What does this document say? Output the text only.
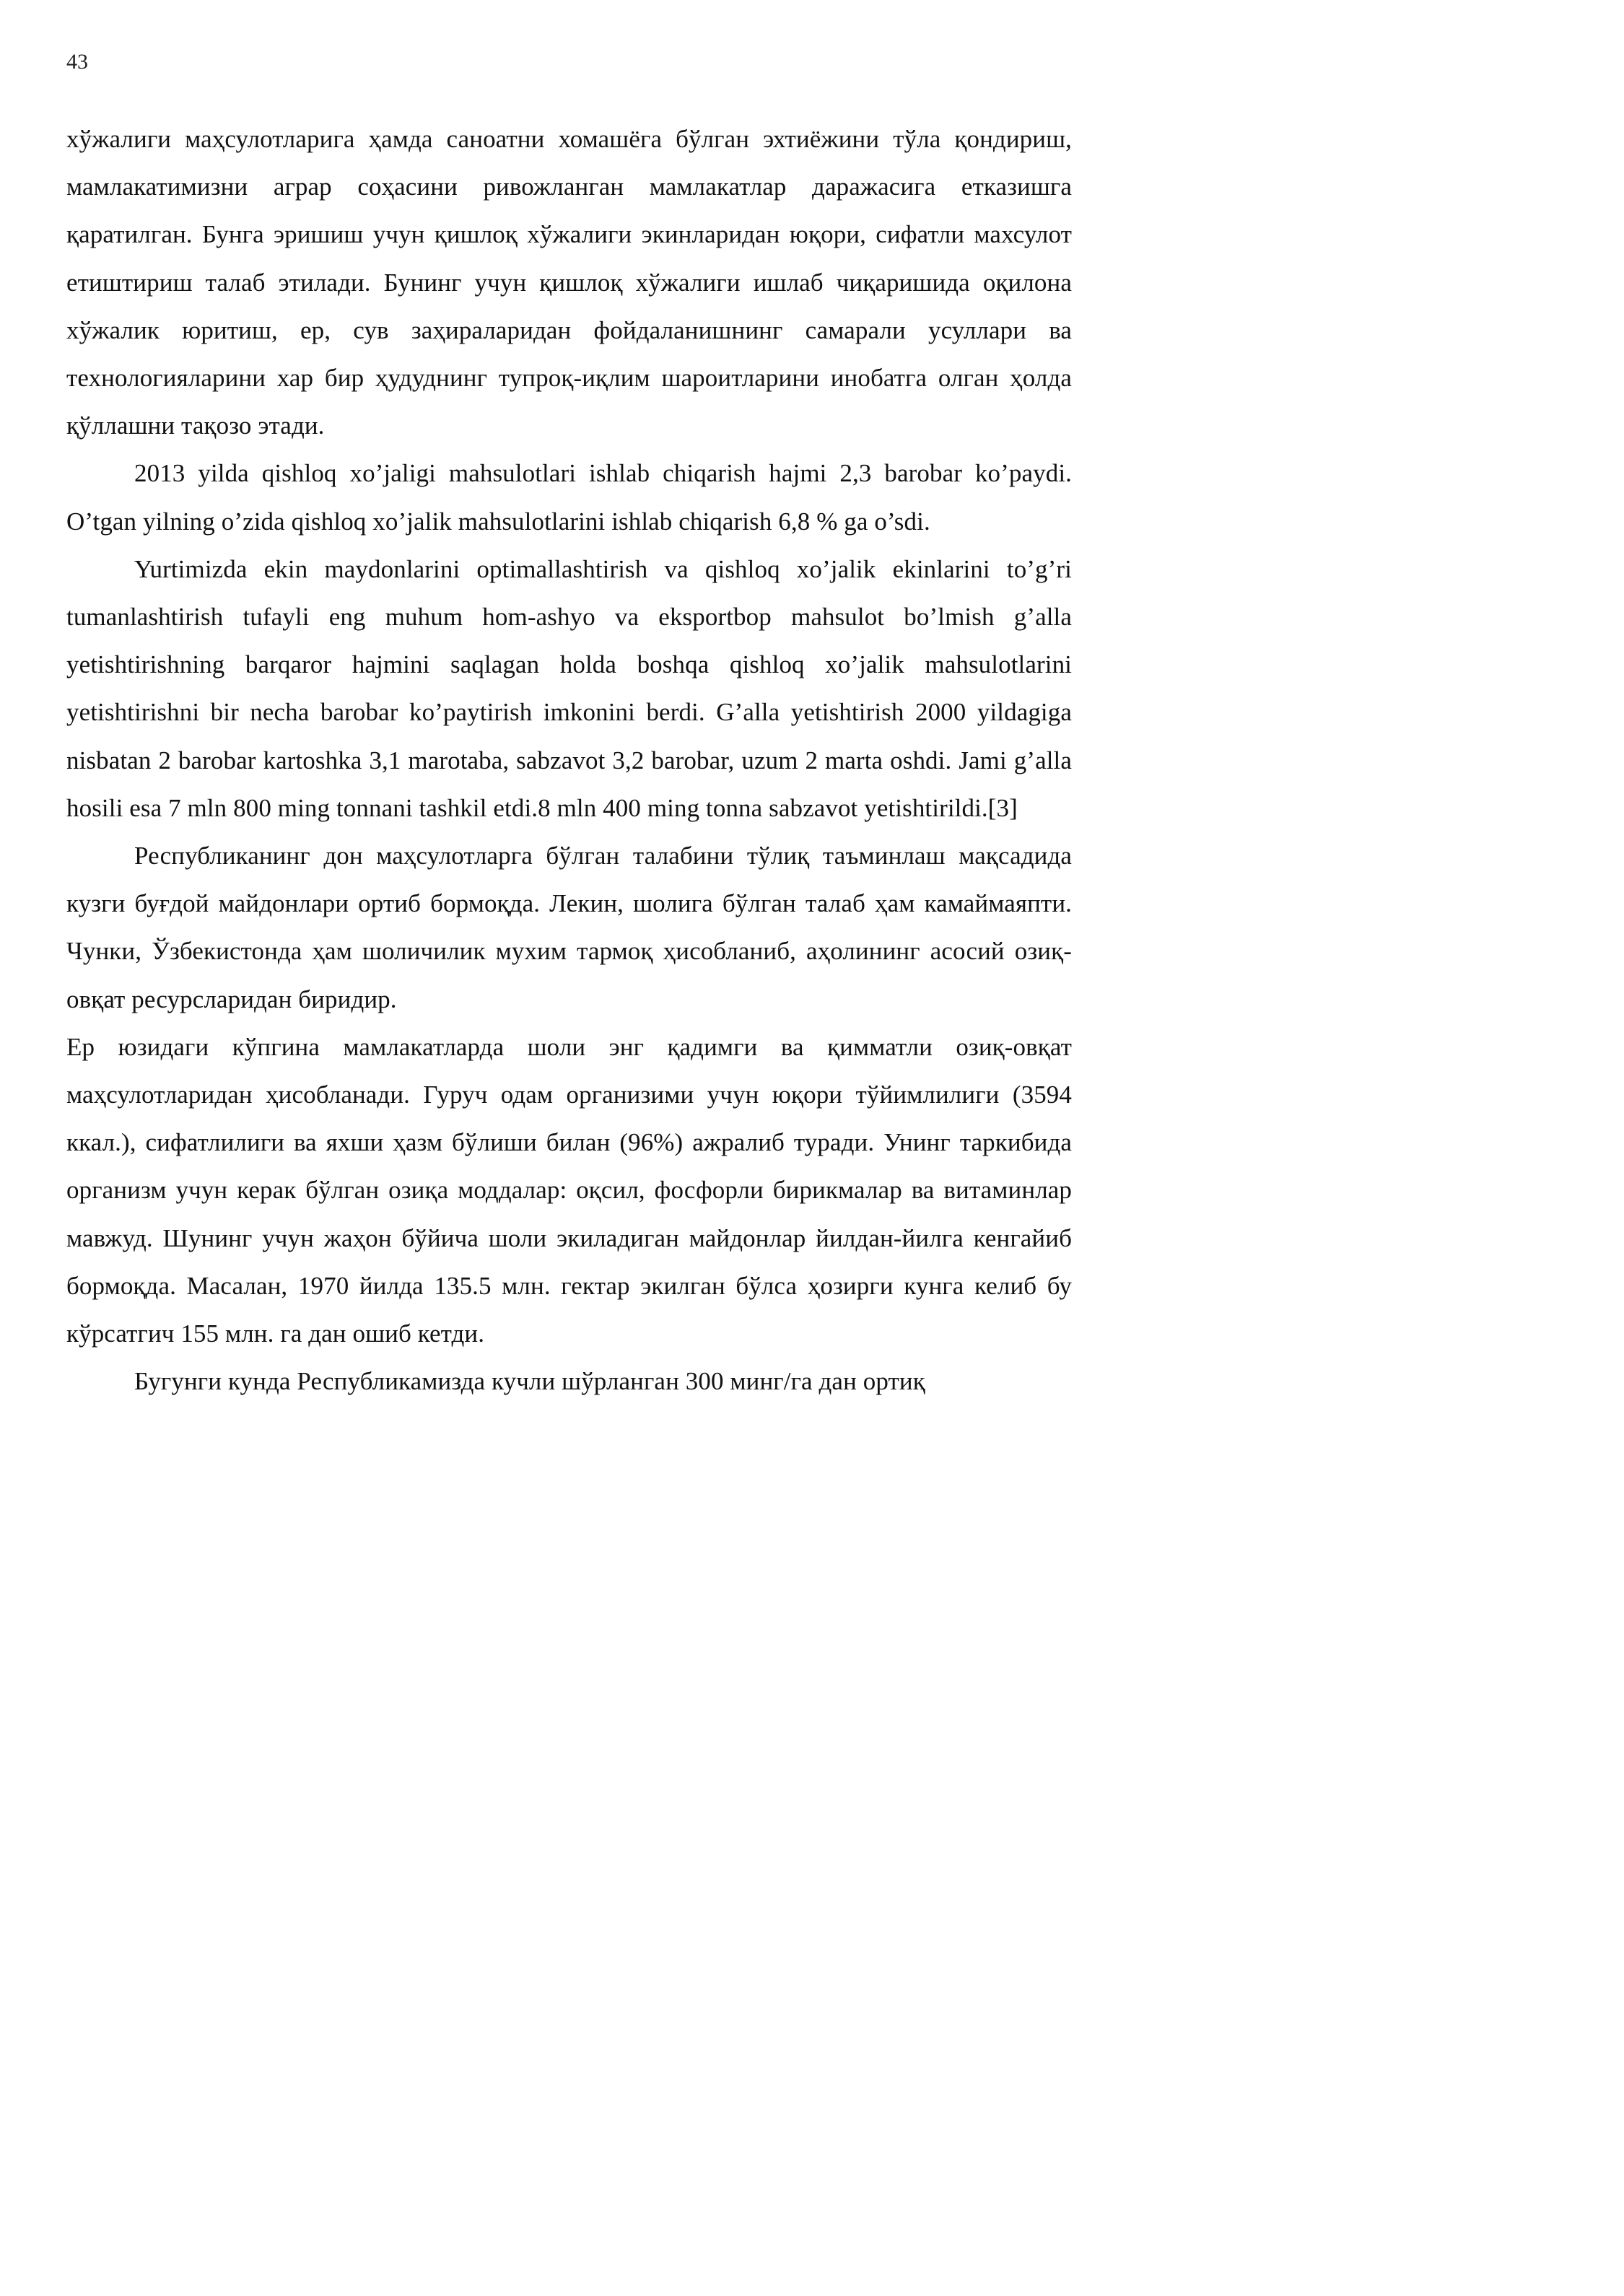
43

хўжалиги маҳсулотларига ҳамда саноатни хомашёга бўлган эхтиёжини тўла қондириш, мамлакатимизни аграр соҳасини ривожланган мамлакатлар даражасига етказишга қаратилган. Бунга эришиш учун қишлоқ хўжалиги экинларидан юқори, сифатли махсулот етиштириш талаб этилади. Бунинг учун қишлоқ хўжалиги ишлаб чиқаришида оқилона хўжалик юритиш, ер, сув заҳираларидан фойдаланишнинг самарали усуллари ва технологияларини хар бир ҳудуднинг тупроқ-иқлим шароитларини инобатга олган ҳолда қўллашни тақозо этади.

2013 yilda qishloq xo’jaligi mahsulotlari ishlab chiqarish hajmi 2,3 barobar ko’paydi. O’tgan yilning o’zida qishloq xo’jalik mahsulotlarini ishlab chiqarish 6,8 % ga o’sdi.

Yurtimizda ekin maydonlarini optimallashtirish va qishloq xo’jalik ekinlarini to’g’ri tumanlashtirish tufayli eng muhum hom-ashyo va eksportbop mahsulot bo’lmish g’alla yetishtirishning barqaror hajmini saqlagan holda boshqa qishloq xo’jalik mahsulotlarini yetishtirishni bir necha barobar ko’paytirish imkonini berdi. G’alla yetishtirish 2000 yildagiga nisbatan 2 barobar kartoshka 3,1 marotaba, sabzavot 3,2 barobar, uzum 2 marta oshdi. Jami g’alla hosili esa 7 mln 800 ming tonnani tashkil etdi.8 mln 400 ming tonna sabzavot yetishtirildi.[3]

Республиканинг дон маҳсулотларга бўлган талабини тўлиқ таъминлаш мақсадида кузги буғдой майдонлари ортиб бормоқда. Лекин, шолига бўлган талаб ҳам камаймаяпти. Чунки, Ўзбекистонда ҳам шоличилик мухим тармоқ ҳисобланиб, аҳолининг асосий озиқ-овқат ресурсларидан биридир.

Ер юзидаги кўпгина мамлакатларда шоли энг қадимги ва қимматли озиқ-овқат маҳсулотларидан ҳисобланади. Гуруч одам организими учун юқори тўйимлилиги (3594 ккал.), сифатлилиги ва яхши ҳазм бўлиши билан (96%) ажралиб туради. Унинг таркибида организм учун керак бўлган озиқа моддалар: оқсил, фосфорли бирикмалар ва витаминлар мавжуд. Шунинг учун жаҳон бўйича шоли экиладиган майдонлар йилдан-йилга кенгайиб бормоқда. Масалан, 1970 йилда 135.5 млн. гектар экилган бўлса ҳозирги кунга келиб бу кўрсатгич 155 млн. га дан ошиб кетди.

Бугунги кунда Республикамизда кучли шўрланган 300 минг/га дан ортиқ
